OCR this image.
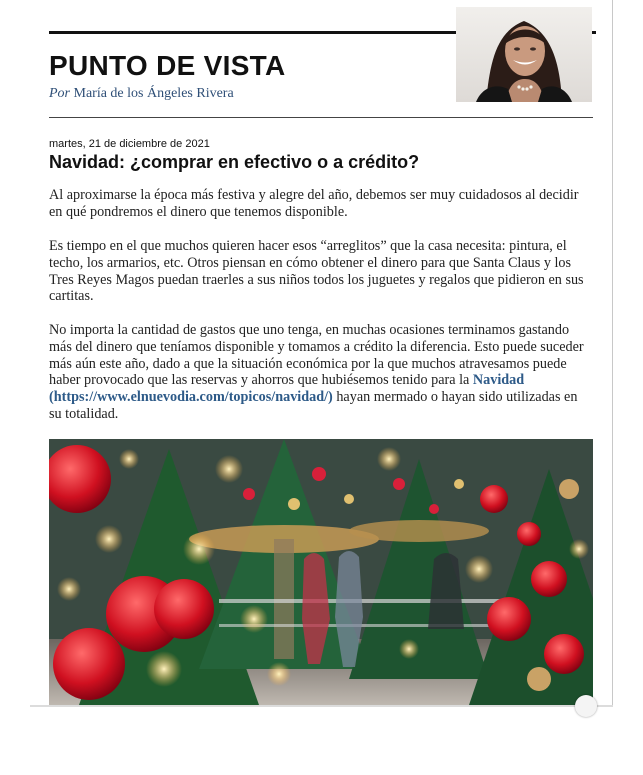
PUNTO DE VISTA
Por María de los Ángeles Rivera
martes, 21 de diciembre de 2021
Navidad: ¿comprar en efectivo o a crédito?

Al aproximarse la época más festiva y alegre del año, debemos ser muy cuidadosos al decidir en qué pondremos el dinero que tenemos disponible.

Es tiempo en el que muchos quieren hacer esos “arreglitos” que la casa necesita: pintura, el techo, los armarios, etc. Otros piensan en cómo obtener el dinero para que Santa Claus y los Tres Reyes Magos puedan traerles a sus niños todos los juguetes y regalos que pidieron en sus cartitas.

No importa la cantidad de gastos que uno tenga, en muchas ocasiones terminamos gastando más del dinero que teníamos disponible y tomamos a crédito la diferencia. Esto puede suceder más aún este año, dado a que la situación económica por la que muchos atravesamos puede haber provocado que las reservas y ahorros que hubiésemos tenido para la Navidad (https://www.elnuevodia.com/topicos/navidad/) hayan mermado o hayan sido utilizadas en su totalidad.
